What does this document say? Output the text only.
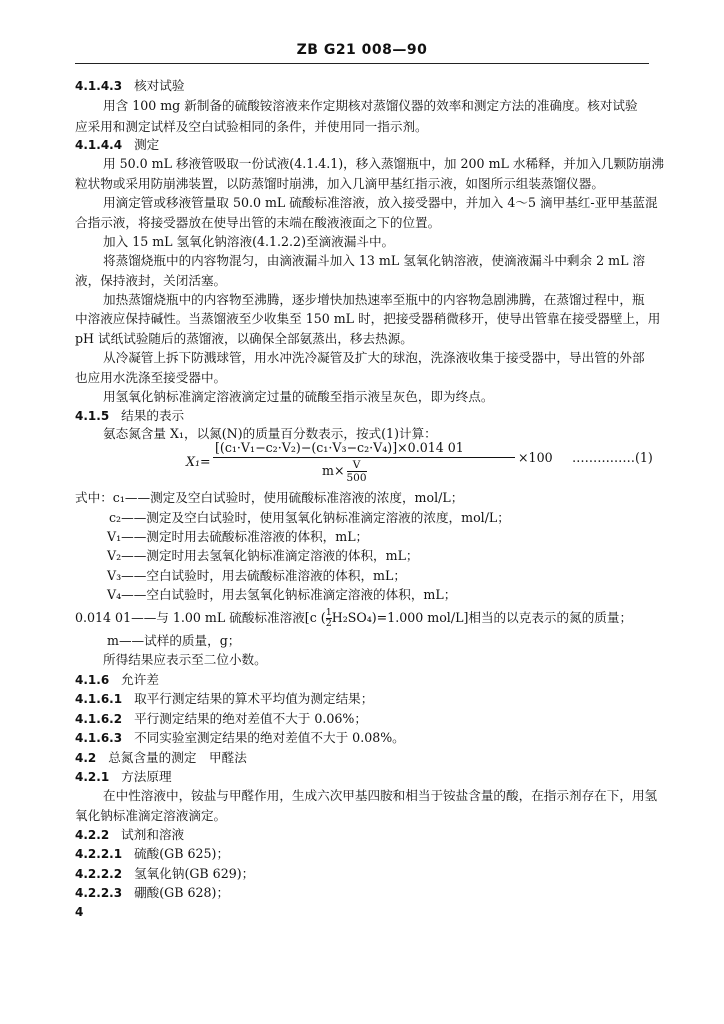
ZB G21 008—90
4.1.4.3 核对试验
用含 100 mg 新制备的硫酸铵溶液来作定期核对蒸馏仪器的效率和测定方法的准确度。核对试验
应采用和测定试样及空白试验相同的条件，并使用同一指示剂。
4.1.4.4 测定
用 50.0 mL 移液管吸取一份试液(4.1.4.1)，移入蒸馏瓶中，加 200 mL 水稀释，并加入几颗防崩沸
粒状物或采用防崩沸装置，以防蒸馏时崩沸，加入几滴甲基红指示液，如图所示组装蒸馏仪器。
用滴定管或移液管量取 50.0 mL 硫酸标准溶液，放入接受器中，并加入 4～5 滴甲基红-亚甲基蓝混
合指示液，将接受器放在使导出管的末端在酸液液面之下的位置。
加入 15 mL 氢氧化钠溶液(4.1.2.2)至滴液漏斗中。
将蒸馏烧瓶中的内容物混匀，由滴液漏斗加入 13 mL 氢氧化钠溶液，使滴液漏斗中剩余 2 mL 溶
液，保持液封，关闭活塞。
加热蒸馏烧瓶中的内容物至沸腾，逐步增快加热速率至瓶中的内容物急剧沸腾，在蒸馏过程中，瓶
中溶液应保持碱性。当蒸馏液至少收集至 150 mL 时，把接受器稍微移开，使导出管靠在接受器壁上，用
pH 试纸试验随后的蒸馏液，以确保全部氨蒸出，移去热源。
从冷凝管上拆下防溅球管，用水冲洗冷凝管及扩大的球泡，洗涤液收集于接受器中，导出管的外部
也应用水洗涤至接受器中。
用氢氧化钠标准滴定溶液滴定过量的硫酸至指示液呈灰色，即为终点。
4.1.5 结果的表示
氨态氮含量 X₁，以氮(N)的质量百分数表示，按式(1)计算：
X₁=
[(c₁·V₁−c₂·V₂)−(c₁·V₃−c₂·V₄)]×0.014 01
$m\times \frac{V}{500}$
×100 ……………(1)
式中：c₁——测定及空白试验时，使用硫酸标准溶液的浓度，mol/L；
c₂——测定及空白试验时，使用氢氧化钠标准滴定溶液的浓度，mol/L；
V₁——测定时用去硫酸标准溶液的体积，mL；
V₂——测定时用去氢氧化钠标准滴定溶液的体积，mL；
V₃——空白试验时，用去硫酸标准溶液的体积，mL；
V₄——空白试验时，用去氢氧化钠标准滴定溶液的体积，mL；
0.014 01——与 1.00 mL 硫酸标准溶液[c ( $\frac{1}{2} H_2SO_4)=1.000$ mol/L]相当的以克表示的氮的质量；
m——试样的质量，g；
所得结果应表示至二位小数。
4.1.6 允许差
4.1.6.1 取平行测定结果的算术平均值为测定结果；
4.1.6.2 平行测定结果的绝对差值不大于 0.06%；
4.1.6.3 不同实验室测定结果的绝对差值不大于 0.08%。
4.2 总氮含量的测定　甲醛法
4.2.1 方法原理
在中性溶液中，铵盐与甲醛作用，生成六次甲基四胺和相当于铵盐含量的酸，在指示剂存在下，用氢
氧化钠标准滴定溶液滴定。
4.2.2 试剂和溶液
4.2.2.1 硫酸(GB 625)；
4.2.2.2 氢氧化钠(GB 629)；
4.2.2.3 硼酸(GB 628)；
4
